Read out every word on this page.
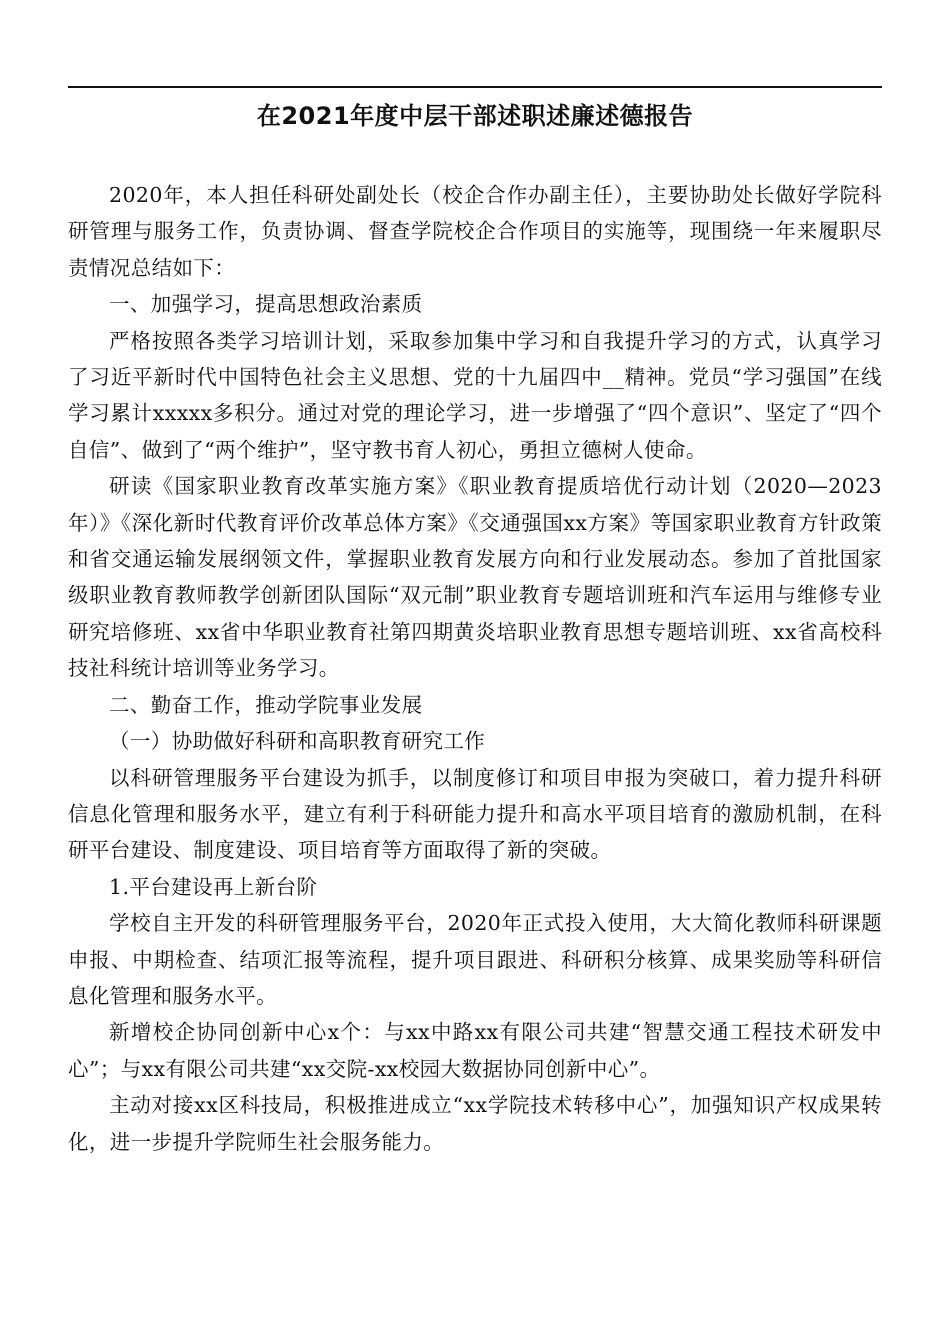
在2021年度中层干部述职述廉述德报告

2020年，本人担任科研处副处长（校企合作办副主任），主要协助处长做好学院科研管理与服务工作，负责协调、督查学院校企合作项目的实施等，现围绕一年来履职尽责情况总结如下：

一、加强学习，提高思想政治素质

严格按照各类学习培训计划，采取参加集中学习和自我提升学习的方式，认真学习了习近平新时代中国特色社会主义思想、党的十九届四中__精神。党员“学习强国”在线学习累计xxxxx多积分。通过对党的理论学习，进一步增强了“四个意识”、坚定了“四个自信”、做到了“两个维护”，坚守教书育人初心，勇担立德树人使命。

研读《国家职业教育改革实施方案》《职业教育提质培优行动计划（2020—2023年）》《深化新时代教育评价改革总体方案》《交通强国xx方案》等国家职业教育方针政策和省交通运输发展纲领文件，掌握职业教育发展方向和行业发展动态。参加了首批国家级职业教育教师教学创新团队国际“双元制”职业教育专题培训班和汽车运用与维修专业研究培修班、xx省中华职业教育社第四期黄炎培职业教育思想专题培训班、xx省高校科技社科统计培训等业务学习。

二、勤奋工作，推动学院事业发展

（一）协助做好科研和高职教育研究工作

以科研管理服务平台建设为抓手，以制度修订和项目申报为突破口，着力提升科研信息化管理和服务水平，建立有利于科研能力提升和高水平项目培育的激励机制，在科研平台建设、制度建设、项目培育等方面取得了新的突破。

1.平台建设再上新台阶

学校自主开发的科研管理服务平台，2020年正式投入使用，大大简化教师科研课题申报、中期检查、结项汇报等流程，提升项目跟进、科研积分核算、成果奖励等科研信息化管理和服务水平。

新增校企协同创新中心x个：与xx中路xx有限公司共建“智慧交通工程技术研发中心”；与xx有限公司共建“xx交院-xx校园大数据协同创新中心”。

主动对接xx区科技局，积极推进成立“xx学院技术转移中心”，加强知识产权成果转化，进一步提升学院师生社会服务能力。
